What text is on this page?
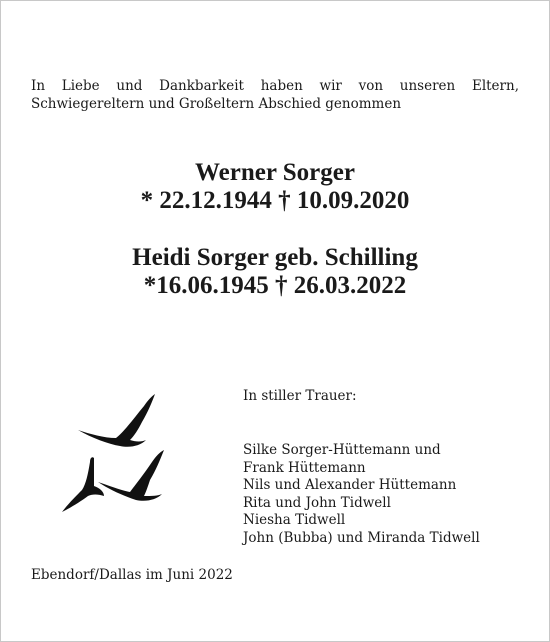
In Liebe und Dankbarkeit haben wir von unseren Eltern,
Schwiegereltern und Großeltern Abschied genommen

Werner Sorger
* 22.12.1944 † 10.09.2020
Heidi Sorger geb. Schilling
*16.06.1945 † 26.03.2022
In stiller Trauer:
Silke Sorger-Hüttemann und
Frank Hüttemann
Nils und Alexander Hüttemann
Rita und John Tidwell
Niesha Tidwell
John (Bubba) und Miranda Tidwell
Ebendorf/Dallas im Juni 2022
